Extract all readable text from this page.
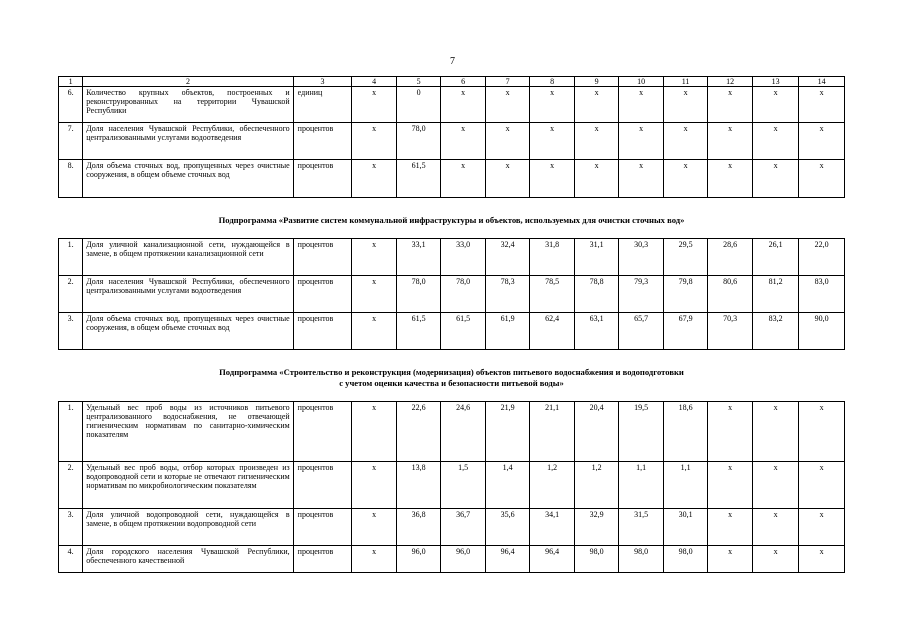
7
1	2	3	4	5	6	7	8	9	10	11	12	13	14
6.	Количество крупных объектов, построенных и реконструированных на территории Чувашской Республики	единиц	x	0	x	x	x	x	x	x	x	x	x
7.	Доля населения Чувашской Республики, обеспеченного централизованными услугами водоотведения	процентов	x	78,0	x	x	x	x	x	x	x	x	x
8.	Доля объема сточных вод, пропущенных через очистные сооружения, в общем объеме сточных вод	процентов	x	61,5	x	x	x	x	x	x	x	x	x
Подпрограмма «Развитие систем коммунальной инфраструктуры и объектов, используемых для очистки сточных вод»
1.	Доля уличной канализационной сети, нуждающейся в замене, в общем протяжении канализационной сети	процентов	x	33,1	33,0	32,4	31,8	31,1	30,3	29,5	28,6	26,1	22,0
2.	Доля населения Чувашской Республики, обеспеченного централизованными услугами водоотведения	процентов	x	78,0	78,0	78,3	78,5	78,8	79,3	79,8	80,6	81,2	83,0
3.	Доля объема сточных вод, пропущенных через очистные сооружения, в общем объеме сточных вод	процентов	x	61,5	61,5	61,9	62,4	63,1	65,7	67,9	70,3	83,2	90,0
Подпрограмма «Строительство и реконструкция (модернизация) объектов питьевого водоснабжения и водоподготовки
с учетом оценки качества и безопасности питьевой воды»
1.	Удельный вес проб воды из источников питьевого централизованного водоснабжения, не отвечающей гигиеническим нормативам по санитарно-химическим показателям	процентов	x	22,6	24,6	21,9	21,1	20,4	19,5	18,6	x	x	x
2.	Удельный вес проб воды, отбор которых произведен из водопроводной сети и которые не отвечают гигиеническим нормативам по микробиологическим показателям	процентов	x	13,8	1,5	1,4	1,2	1,2	1,1	1,1	x	x	x
3.	Доля уличной водопроводной сети, нуждающейся в замене, в общем протяжении водопроводной сети	процентов	x	36,8	36,7	35,6	34,1	32,9	31,5	30,1	x	x	x
4.	Доля городского населения Чувашской Республики, обеспеченного качественной	процентов	x	96,0	96,0	96,4	96,4	98,0	98,0	98,0	x	x	x
